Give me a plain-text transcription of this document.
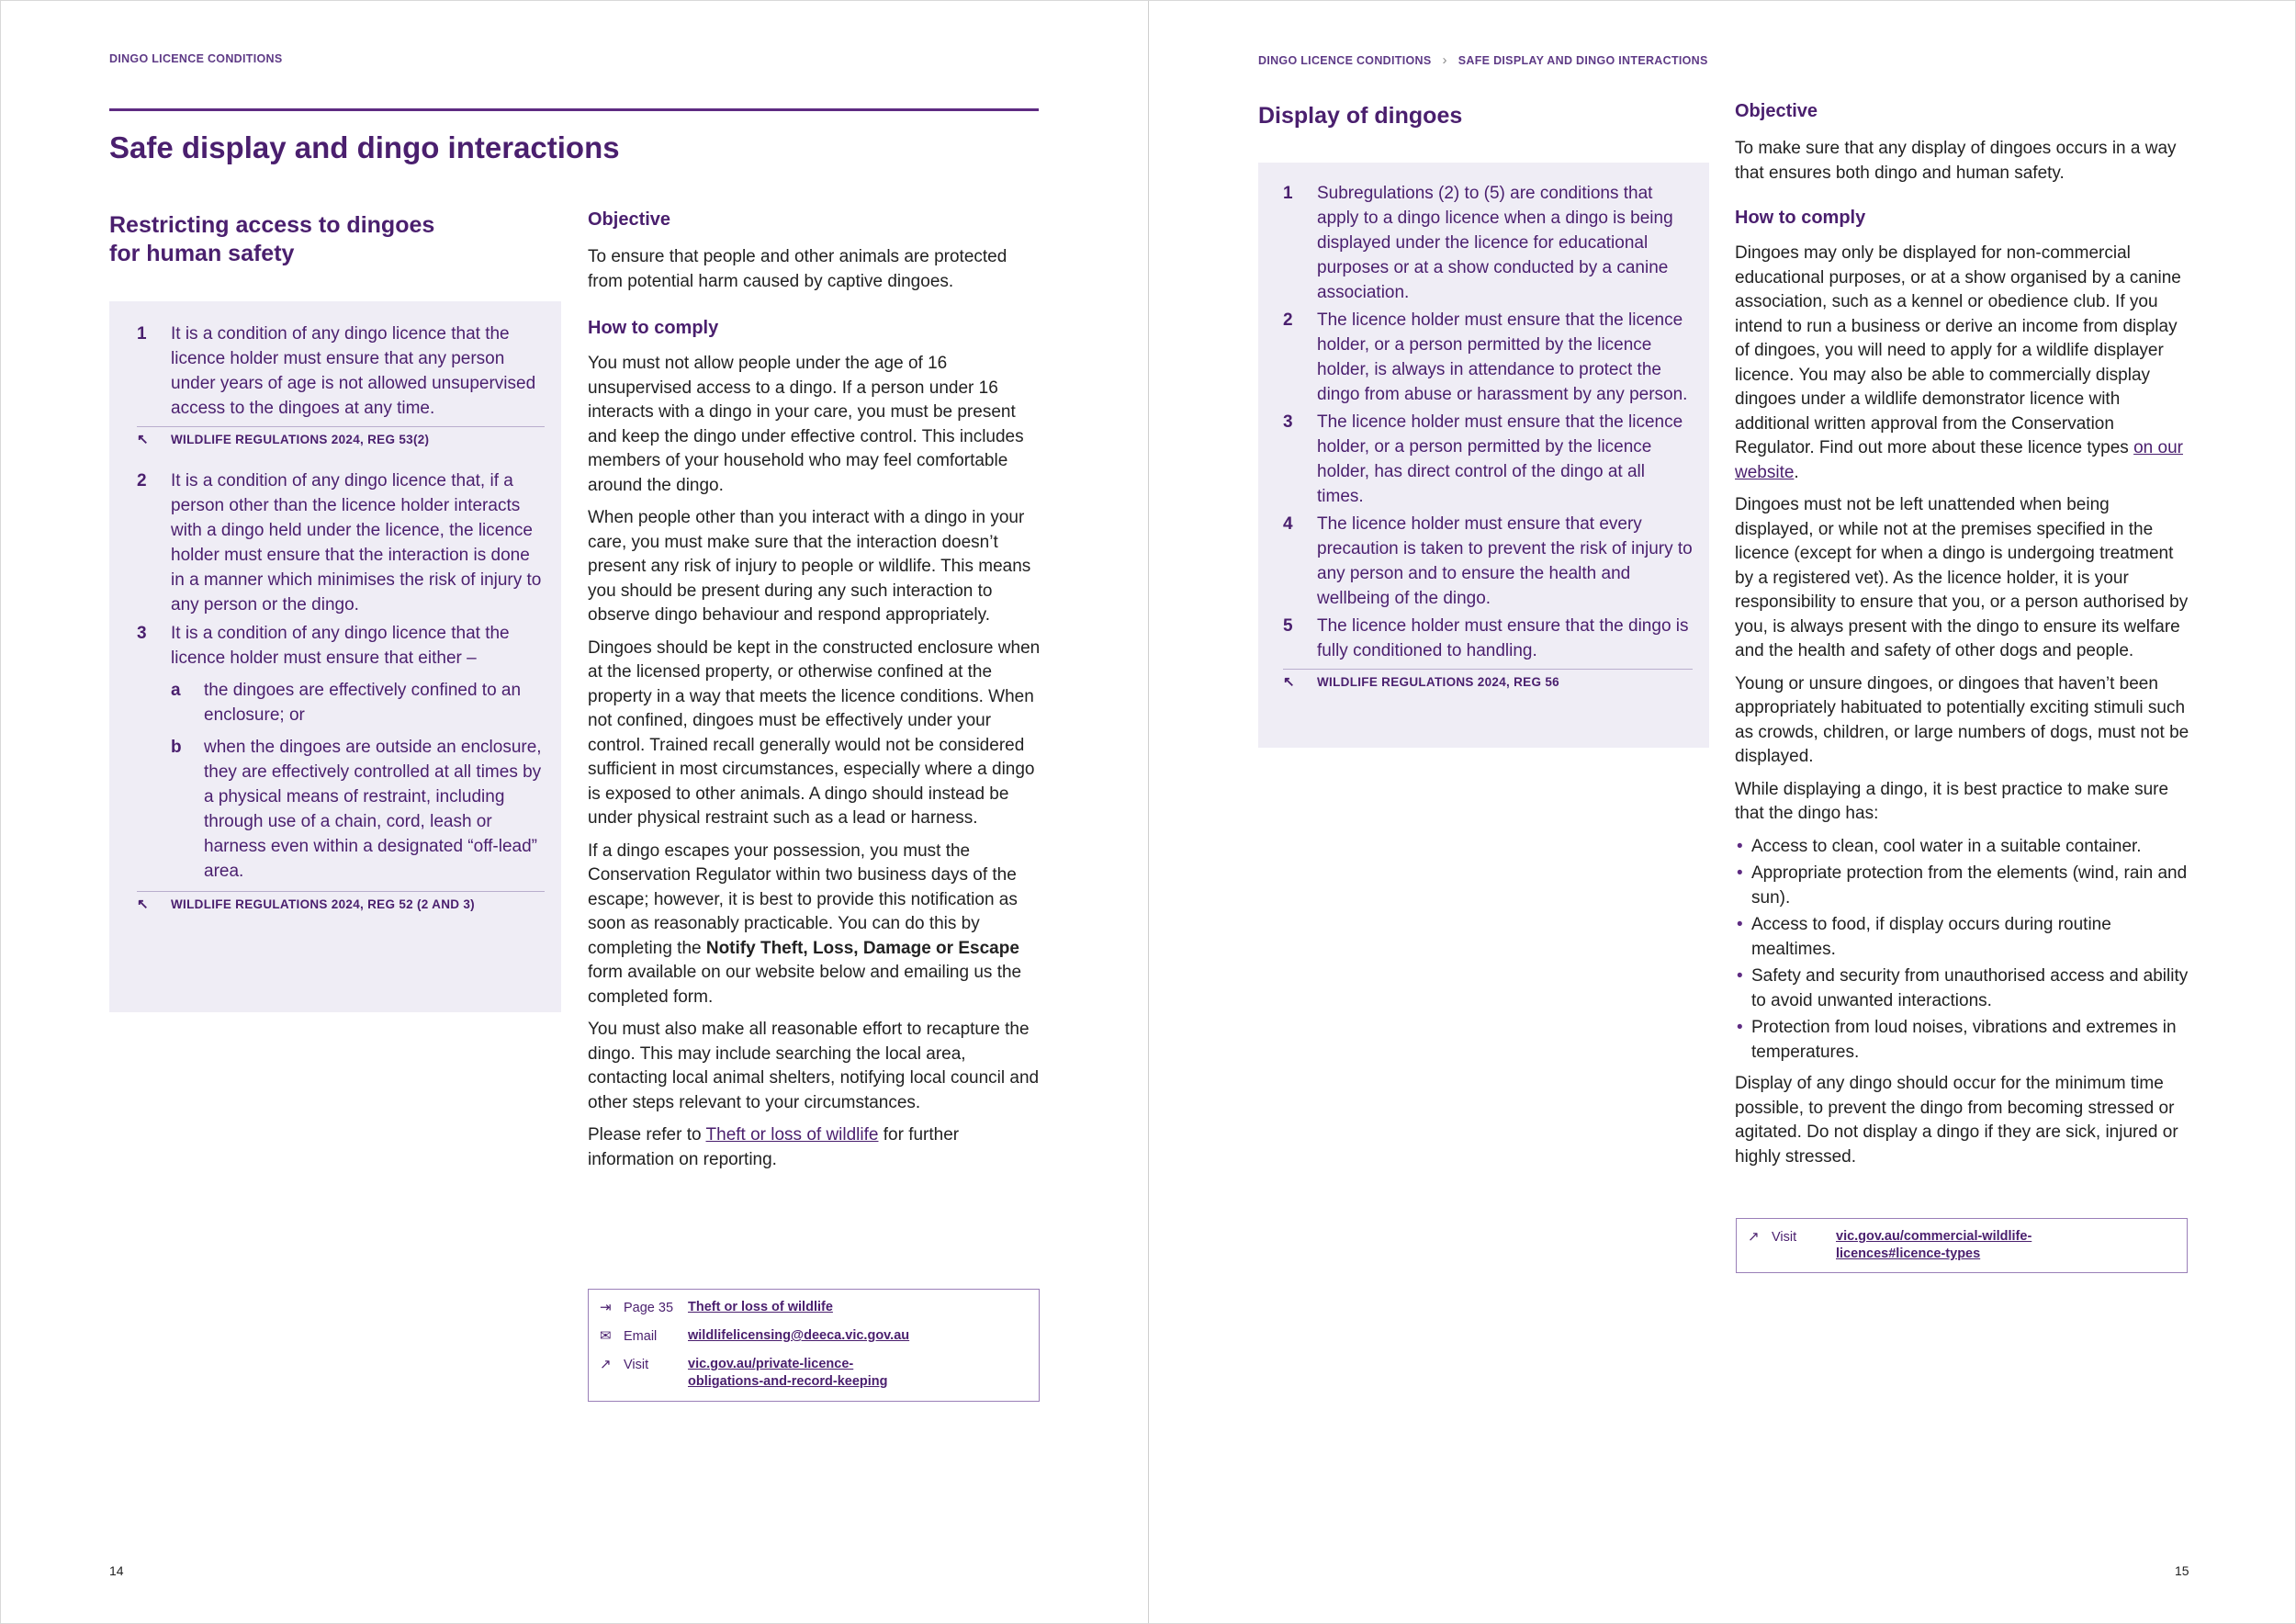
DINGO LICENCE CONDITIONS
Safe display and dingo interactions
Restricting access to dingoes
for human safety
1 It is a condition of any dingo licence that the licence holder must ensure that any person under years of age is not allowed unsupervised access to the dingoes at any time.
↖ WILDLIFE REGULATIONS 2024, REG 53(2)
2 It is a condition of any dingo licence that, if a person other than the licence holder interacts with a dingo held under the licence, the licence holder must ensure that the interaction is done in a manner which minimises the risk of injury to any person or the dingo.
3 It is a condition of any dingo licence that the licence holder must ensure that either –
a the dingoes are effectively confined to an enclosure; or
b when the dingoes are outside an enclosure, they are effectively controlled at all times by a physical means of restraint, including through use of a chain, cord, leash or harness even within a designated “off-lead” area.
↖ WILDLIFE REGULATIONS 2024, REG 52 (2 AND 3)
Objective

To ensure that people and other animals are protected from potential harm caused by captive dingoes.

How to comply

You must not allow people under the age of 16 unsupervised access to a dingo. If a person under 16 interacts with a dingo in your care, you must be present and keep the dingo under effective control. This includes members of your household who may feel comfortable around the dingo.

When people other than you interact with a dingo in your care, you must make sure that the interaction doesn’t present any risk of injury to people or wildlife. This means you should be present during any such interaction to observe dingo behaviour and respond appropriately.

Dingoes should be kept in the constructed enclosure when at the licensed property, or otherwise confined at the property in a way that meets the licence conditions. When not confined, dingoes must be effectively under your control. Trained recall generally would not be considered sufficient in most circumstances, especially where a dingo is exposed to other animals. A dingo should instead be under physical restraint such as a lead or harness.

If a dingo escapes your possession, you must the Conservation Regulator within two business days of the escape; however, it is best to provide this notification as soon as reasonably practicable. You can do this by completing the Notify Theft, Loss, Damage or Escape form available on our website below and emailing us the completed form.

You must also make all reasonable effort to recapture the dingo. This may include searching the local area, contacting local animal shelters, notifying local council and other steps relevant to your circumstances.

Please refer to Theft or loss of wildlife for further information on reporting.

⇥ Page 35 Theft or loss of wildlife
✉ Email wildlifelicensing@deeca.vic.gov.au
↗ Visit	vic.gov.au/private-licence-
obligations-and-record-keeping
14
DINGO LICENCE CONDITIONS › SAFE DISPLAY AND DINGO INTERACTIONS
Display of dingoes
1 Subregulations (2) to (5) are conditions that apply to a dingo licence when a dingo is being displayed under the licence for educational purposes or at a show conducted by a canine association.
2 The licence holder must ensure that the licence holder, or a person permitted by the licence holder, is always in attendance to protect the dingo from abuse or harassment by any person.
3 The licence holder must ensure that the licence holder, or a person permitted by the licence holder, has direct control of the dingo at all times.
4 The licence holder must ensure that every precaution is taken to prevent the risk of injury to any person and to ensure the health and wellbeing of the dingo.
5 The licence holder must ensure that the dingo is fully conditioned to handling.
↖ WILDLIFE REGULATIONS 2024, REG 56
Objective

To make sure that any display of dingoes occurs in a way that ensures both dingo and human safety.

How to comply

Dingoes may only be displayed for non-commercial educational purposes, or at a show organised by a canine association, such as a kennel or obedience club. If you intend to run a business or derive an income from display of dingoes, you will need to apply for a wildlife displayer licence. You may also be able to commercially display dingoes under a wildlife demonstrator licence with additional written approval from the Conservation Regulator. Find out more about these licence types on our website.

Dingoes must not be left unattended when being displayed, or while not at the premises specified in the licence (except for when a dingo is undergoing treatment by a registered vet). As the licence holder, it is your responsibility to ensure that you, or a person authorised by you, is always present with the dingo to ensure its welfare and the health and safety of other dogs and people.

Young or unsure dingoes, or dingoes that haven’t been appropriately habituated to potentially exciting stimuli such as crowds, children, or large numbers of dogs, must not be displayed.

While displaying a dingo, it is best practice to make sure that the dingo has:

• Access to clean, cool water in a suitable container.
• Appropriate protection from the elements (wind, rain and sun).
• Access to food, if display occurs during routine mealtimes.
• Safety and security from unauthorised access and ability to avoid unwanted interactions.
• Protection from loud noises, vibrations and extremes in temperatures.

Display of any dingo should occur for the minimum time possible, to prevent the dingo from becoming stressed or agitated. Do not display a dingo if they are sick, injured or highly stressed.

↗ Visit	vic.gov.au/commercial-wildlife-
licences#licence-types
15
